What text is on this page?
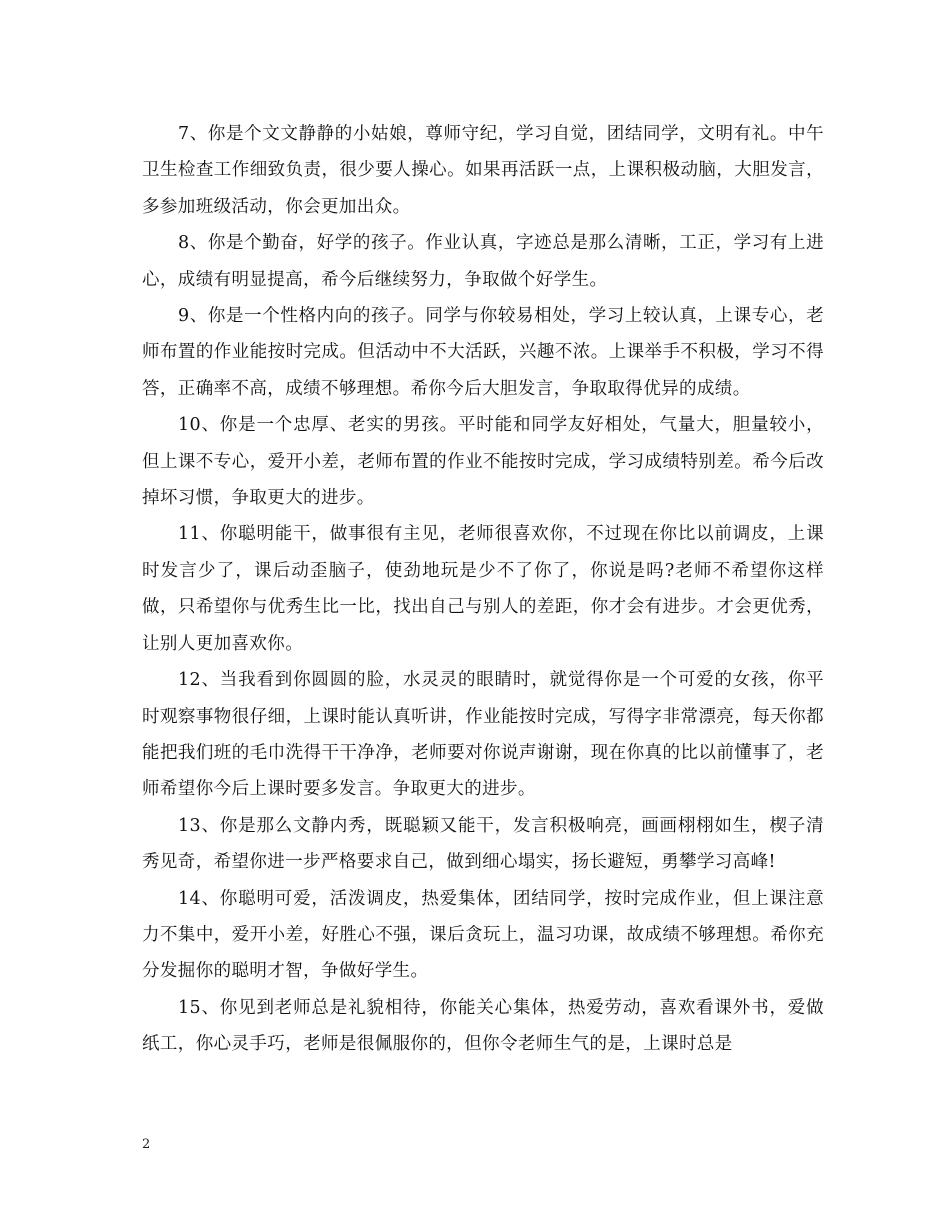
7、你是个文文静静的小姑娘，尊师守纪，学习自觉，团结同学，文明有礼。中午卫生检查工作细致负责，很少要人操心。如果再活跃一点，上课积极动脑，大胆发言，多参加班级活动，你会更加出众。

8、你是个勤奋，好学的孩子。作业认真，字迹总是那么清晰，工正，学习有上进心，成绩有明显提高，希今后继续努力，争取做个好学生。

9、你是一个性格内向的孩子。同学与你较易相处，学习上较认真，上课专心，老师布置的作业能按时完成。但活动中不大活跃，兴趣不浓。上课举手不积极，学习不得答，正确率不高，成绩不够理想。希你今后大胆发言，争取取得优异的成绩。

10、你是一个忠厚、老实的男孩。平时能和同学友好相处，气量大，胆量较小，但上课不专心，爱开小差，老师布置的作业不能按时完成，学习成绩特别差。希今后改掉坏习惯，争取更大的进步。

11、你聪明能干，做事很有主见，老师很喜欢你，不过现在你比以前调皮，上课时发言少了，课后动歪脑子，使劲地玩是少不了你了，你说是吗?老师不希望你这样做，只希望你与优秀生比一比，找出自己与别人的差距，你才会有进步。才会更优秀，让别人更加喜欢你。

12、当我看到你圆圆的脸，水灵灵的眼睛时，就觉得你是一个可爱的女孩，你平时观察事物很仔细，上课时能认真听讲，作业能按时完成，写得字非常漂亮，每天你都能把我们班的毛巾洗得干干净净，老师要对你说声谢谢，现在你真的比以前懂事了，老师希望你今后上课时要多发言。争取更大的进步。

13、你是那么文静内秀，既聪颖又能干，发言积极响亮，画画栩栩如生，楔子清秀见奇，希望你进一步严格要求自己，做到细心塌实，扬长避短，勇攀学习高峰!

14、你聪明可爱，活泼调皮，热爱集体，团结同学，按时完成作业，但上课注意力不集中，爱开小差，好胜心不强，课后贪玩上，温习功课，故成绩不够理想。希你充分发掘你的聪明才智，争做好学生。

15、你见到老师总是礼貌相待，你能关心集体，热爱劳动，喜欢看课外书，爱做纸工，你心灵手巧，老师是很佩服你的，但你令老师生气的是，上课时总是

2
